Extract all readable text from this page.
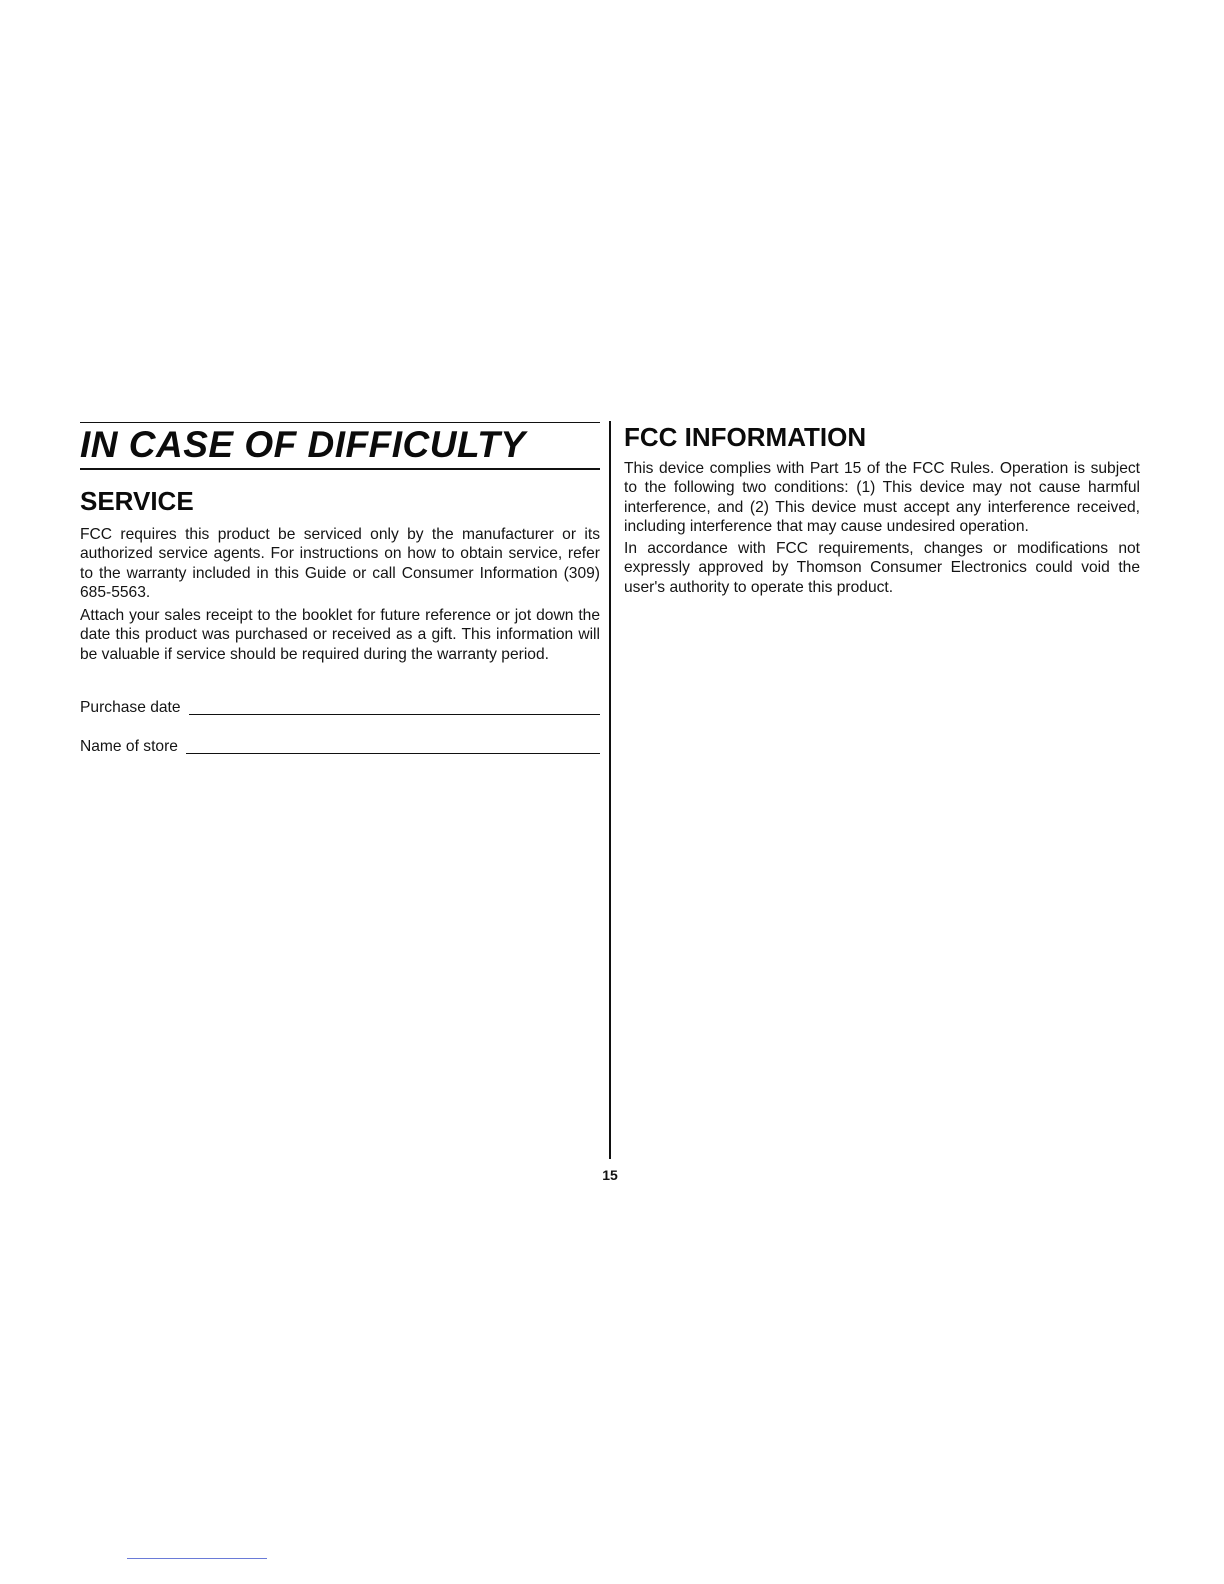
IN CASE OF DIFFICULTY
SERVICE

FCC requires this product be serviced only by the manufacturer or its authorized service agents. For instructions on how to obtain service, refer to the warranty included in this Guide or call Consumer Information (309) 685-5563.

Attach your sales receipt to the booklet for future reference or jot down the date this product was purchased or received as a gift. This information will be valuable if service should be required during the warranty period.

Purchase date
Name of store
15
FCC INFORMATION

This device complies with Part 15 of the FCC Rules. Operation is subject to the following two conditions: (1) This device may not cause harmful interference, and (2) This device must accept any interference received, including interference that may cause undesired operation.

In accordance with FCC requirements, changes or modifications not expressly approved by Thomson Consumer Electronics could void the user's authority to operate this product.
